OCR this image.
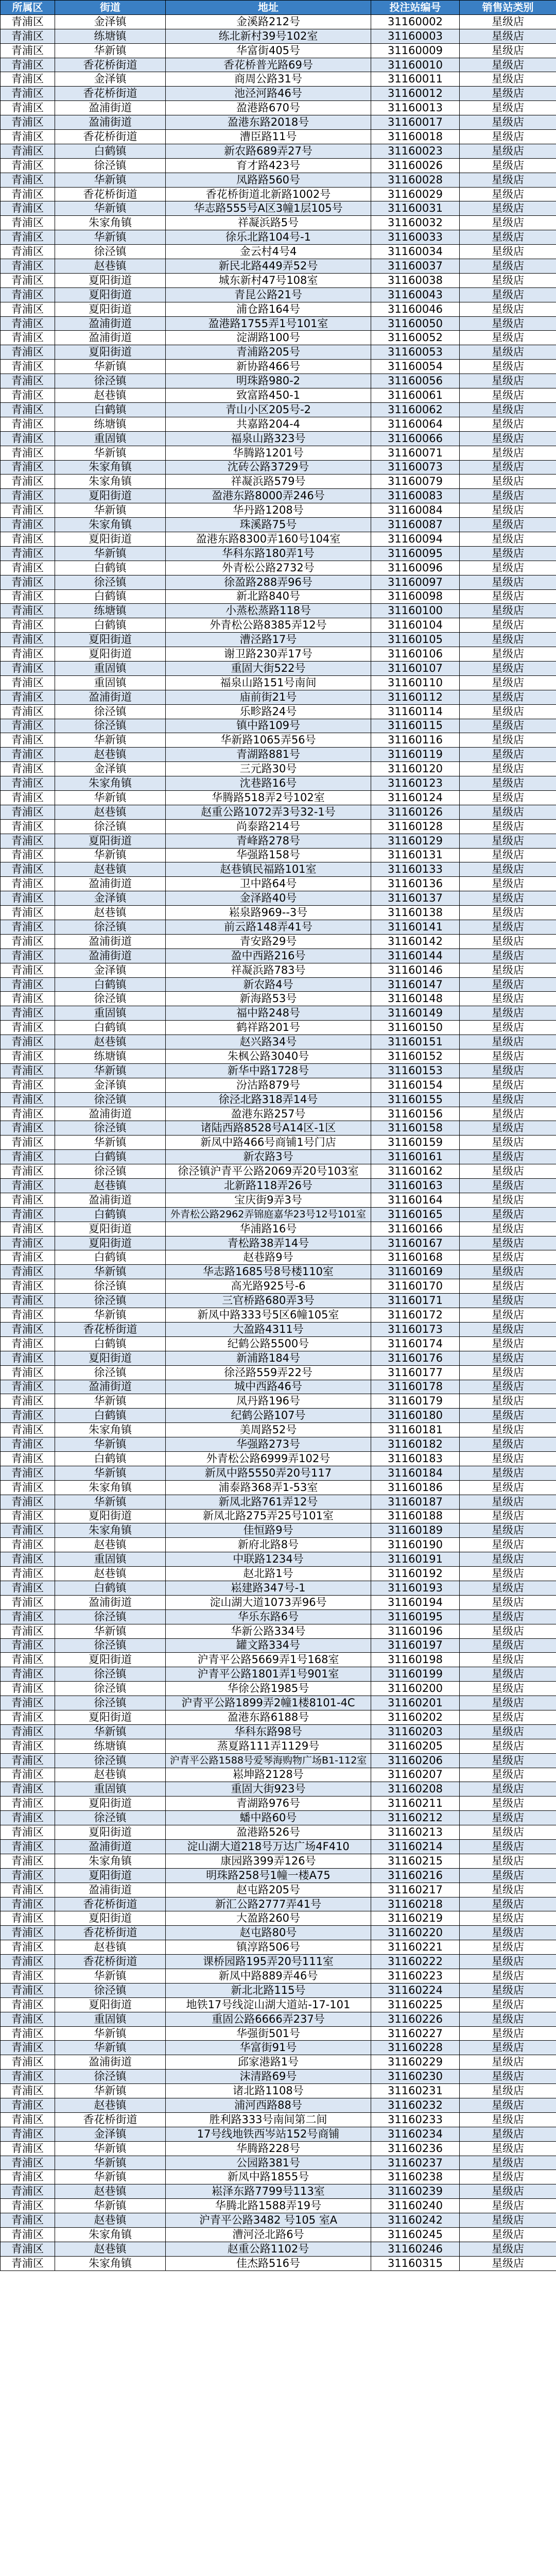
所属区	街道	地址	投注站编号	销售站类别
青浦区	金泽镇	金溪路212号	31160002	星级店
青浦区	练塘镇	练北新村39号102室	31160003	星级店
青浦区	华新镇	华富街405号	31160009	星级店
青浦区	香花桥街道	香花桥普光路69号	31160010	星级店
青浦区	金泽镇	商周公路31号	31160011	星级店
青浦区	香花桥街道	池泾河路46号	31160012	星级店
青浦区	盈浦街道	盈港路670号	31160013	星级店
青浦区	盈浦街道	盈港东路2018号	31160017	星级店
青浦区	香花桥街道	漕臣路11号	31160018	星级店
青浦区	白鹤镇	新农路689弄27号	31160023	星级店
青浦区	徐泾镇	育才路423号	31160026	星级店
青浦区	华新镇	凤路路560号	31160028	星级店
青浦区	香花桥街道	香花桥街道北新路1002号	31160029	星级店
青浦区	华新镇	华志路555号A区3幢1层105号	31160031	星级店
青浦区	朱家角镇	祥凝浜路5号	31160032	星级店
青浦区	华新镇	徐乐北路104号-1	31160033	星级店
青浦区	徐泾镇	金云村4号4	31160034	星级店
青浦区	赵巷镇	新民北路449弄52号	31160037	星级店
青浦区	夏阳街道	城东新村47号108室	31160038	星级店
青浦区	夏阳街道	青昆公路21号	31160043	星级店
青浦区	夏阳街道	浦仓路164号	31160046	星级店
青浦区	盈浦街道	盈港路1755弄1号101室	31160050	星级店
青浦区	盈浦街道	淀湖路100号	31160052	星级店
青浦区	夏阳街道	青浦路205号	31160053	星级店
青浦区	华新镇	新协路466号	31160054	星级店
青浦区	徐泾镇	明珠路980-2	31160056	星级店
青浦区	赵巷镇	致富路450-1	31160061	星级店
青浦区	白鹤镇	青山小区205号-2	31160062	星级店
青浦区	练塘镇	共嘉路204-4	31160064	星级店
青浦区	重固镇	福泉山路323号	31160066	星级店
青浦区	华新镇	华腾路1201号	31160071	星级店
青浦区	朱家角镇	沈砖公路3729号	31160073	星级店
青浦区	朱家角镇	祥凝浜路579号	31160079	星级店
青浦区	夏阳街道	盈港东路8000弄246号	31160083	星级店
青浦区	华新镇	华丹路1208号	31160084	星级店
青浦区	朱家角镇	珠溪路75号	31160087	星级店
青浦区	夏阳街道	盈港东路8300弄160号104室	31160094	星级店
青浦区	华新镇	华科东路180弄1号	31160095	星级店
青浦区	白鹤镇	外青松公路2732号	31160096	星级店
青浦区	徐泾镇	徐盈路288弄96号	31160097	星级店
青浦区	白鹤镇	新北路840号	31160098	星级店
青浦区	练塘镇	小蒸松蒸路118号	31160100	星级店
青浦区	白鹤镇	外青松公路8385弄12号	31160104	星级店
青浦区	夏阳街道	漕泾路17号	31160105	星级店
青浦区	夏阳街道	谢卫路230弄17号	31160106	星级店
青浦区	重固镇	重固大街522号	31160107	星级店
青浦区	重固镇	福泉山路151号南间	31160110	星级店
青浦区	盈浦街道	庙前街21号	31160112	星级店
青浦区	徐泾镇	乐畛路24号	31160114	星级店
青浦区	徐泾镇	镇中路109号	31160115	星级店
青浦区	华新镇	华新路1065弄56号	31160116	星级店
青浦区	赵巷镇	青湖路881号	31160119	星级店
青浦区	金泽镇	三元路30号	31160120	星级店
青浦区	朱家角镇	沈巷路16号	31160123	星级店
青浦区	华新镇	华腾路518弄2号102室	31160124	星级店
青浦区	赵巷镇	赵重公路1072弄3号32-1号	31160126	星级店
青浦区	徐泾镇	尚泰路214号	31160128	星级店
青浦区	夏阳街道	青峰路278号	31160129	星级店
青浦区	华新镇	华强路158号	31160131	星级店
青浦区	赵巷镇	赵巷镇民福路101室	31160133	星级店
青浦区	盈浦街道	卫中路64号	31160136	星级店
青浦区	金泽镇	金泽路40号	31160137	星级店
青浦区	赵巷镇	崧泉路969--3号	31160138	星级店
青浦区	徐泾镇	前云路148弄41号	31160141	星级店
青浦区	盈浦街道	青安路29号	31160142	星级店
青浦区	盈浦街道	盈中西路216号	31160144	星级店
青浦区	金泽镇	祥凝浜路783号	31160146	星级店
青浦区	白鹤镇	新农路4号	31160147	星级店
青浦区	徐泾镇	新海路53号	31160148	星级店
青浦区	重固镇	福中路248号	31160149	星级店
青浦区	白鹤镇	鹤祥路201号	31160150	星级店
青浦区	赵巷镇	赵兴路34号	31160151	星级店
青浦区	练塘镇	朱枫公路3040号	31160152	星级店
青浦区	华新镇	新华中路1728号	31160153	星级店
青浦区	金泽镇	汾沽路879号	31160154	星级店
青浦区	徐泾镇	徐泾北路318弄14号	31160155	星级店
青浦区	盈浦街道	盈港东路257号	31160156	星级店
青浦区	徐泾镇	诸陆西路8528号A14区-1区	31160158	星级店
青浦区	华新镇	新凤中路466号商铺1号门店	31160159	星级店
青浦区	白鹤镇	新农路3号	31160161	星级店
青浦区	徐泾镇	徐泾镇沪青平公路2069弄20号103室	31160162	星级店
青浦区	赵巷镇	北新路118弄26号	31160163	星级店
青浦区	盈浦街道	宝庆街9弄3号	31160164	星级店
青浦区	白鹤镇	外青松公路2962弄锦庭嘉华23号12号101室	31160165	星级店
青浦区	夏阳街道	华浦路16号	31160166	星级店
青浦区	夏阳街道	青松路38弄14号	31160167	星级店
青浦区	白鹤镇	赵巷路9号	31160168	星级店
青浦区	华新镇	华志路1685号8号楼110室	31160169	星级店
青浦区	徐泾镇	高光路925号-6	31160170	星级店
青浦区	徐泾镇	三官桥路680弄3号	31160171	星级店
青浦区	华新镇	新凤中路333号5区6幢105室	31160172	星级店
青浦区	香花桥街道	大盈路4311号	31160173	星级店
青浦区	白鹤镇	纪鹤公路5500号	31160174	星级店
青浦区	夏阳街道	新浦路184号	31160176	星级店
青浦区	徐泾镇	徐泾路559弄22号	31160177	星级店
青浦区	盈浦街道	城中西路46号	31160178	星级店
青浦区	华新镇	凤丹路196号	31160179	星级店
青浦区	白鹤镇	纪鹤公路107号	31160180	星级店
青浦区	朱家角镇	美周路52号	31160181	星级店
青浦区	华新镇	华强路273号	31160182	星级店
青浦区	白鹤镇	外青松公路6999弄102号	31160183	星级店
青浦区	华新镇	新凤中路5550弄20号117	31160184	星级店
青浦区	朱家角镇	浦泰路368弄1-53室	31160186	星级店
青浦区	华新镇	新凤北路761弄12号	31160187	星级店
青浦区	夏阳街道	新凤北路275弄25号101室	31160188	星级店
青浦区	朱家角镇	佳恒路9号	31160189	星级店
青浦区	赵巷镇	新府北路8号	31160190	星级店
青浦区	重固镇	中联路1234号	31160191	星级店
青浦区	赵巷镇	赵北路1号	31160192	星级店
青浦区	白鹤镇	崧建路347号-1	31160193	星级店
青浦区	盈浦街道	淀山湖大道1073弄96号	31160194	星级店
青浦区	徐泾镇	华乐东路6号	31160195	星级店
青浦区	华新镇	华新公路334号	31160196	星级店
青浦区	徐泾镇	罐文路334号	31160197	星级店
青浦区	夏阳街道	沪青平公路5669弄1号168室	31160198	星级店
青浦区	徐泾镇	沪青平公路1801弄1号901室	31160199	星级店
青浦区	徐泾镇	华徐公路1985号	31160200	星级店
青浦区	徐泾镇	沪青平公路1899弄2幢1楼8101-4C	31160201	星级店
青浦区	夏阳街道	盈港东路6188号	31160202	星级店
青浦区	华新镇	华科东路98号	31160203	星级店
青浦区	练塘镇	蒸夏路111弄1129号	31160205	星级店
青浦区	徐泾镇	沪青平公路1588号爱琴海购物广场B1-112室	31160206	星级店
青浦区	赵巷镇	崧坤路2128号	31160207	星级店
青浦区	重固镇	重固大街923号	31160208	星级店
青浦区	夏阳街道	青湖路976号	31160211	星级店
青浦区	徐泾镇	蟠中路60号	31160212	星级店
青浦区	夏阳街道	盈港路526号	31160213	星级店
青浦区	盈浦街道	淀山湖大道218号万达广场4F410	31160214	星级店
青浦区	朱家角镇	康园路399弄126号	31160215	星级店
青浦区	夏阳街道	明珠路258号1幢一楼A75	31160216	星级店
青浦区	盈浦街道	赵屯路205号	31160217	星级店
青浦区	香花桥街道	新汇公路2777弄41号	31160218	星级店
青浦区	夏阳街道	大盈路260号	31160219	星级店
青浦区	香花桥街道	赵屯路80号	31160220	星级店
青浦区	赵巷镇	镇淳路506号	31160221	星级店
青浦区	香花桥街道	课桥园路195弄20号111室	31160222	星级店
青浦区	华新镇	新凤中路889弄46号	31160223	星级店
青浦区	徐泾镇	新北北路115号	31160224	星级店
青浦区	夏阳街道	地铁17号线淀山湖大道站-17-101	31160225	星级店
青浦区	重固镇	重固公路6666弄237号	31160226	星级店
青浦区	华新镇	华强街501号	31160227	星级店
青浦区	华新镇	华富街91号	31160228	星级店
青浦区	盈浦街道	邱家港路1号	31160229	星级店
青浦区	徐泾镇	沫清路69号	31160230	星级店
青浦区	华新镇	诸北路1108号	31160231	星级店
青浦区	赵巷镇	浦河西路88号	31160232	星级店
青浦区	香花桥街道	胜利路333号南间第二间	31160233	星级店
青浦区	金泽镇	17号线地铁西岑站152号商铺	31160234	星级店
青浦区	华新镇	华腾路228号	31160236	星级店
青浦区	华新镇	公园路381号	31160237	星级店
青浦区	华新镇	新凤中路1855号	31160238	星级店
青浦区	赵巷镇	崧泽东路7799号113室	31160239	星级店
青浦区	华新镇	华腾北路1588弄19号	31160240	星级店
青浦区	赵巷镇	沪青平公路3482 号105 室A	31160242	星级店
青浦区	朱家角镇	漕河泾北路6号	31160245	星级店
青浦区	赵巷镇	赵重公路1102号	31160246	星级店
青浦区	朱家角镇	佳杰路516号	31160315	星级店
